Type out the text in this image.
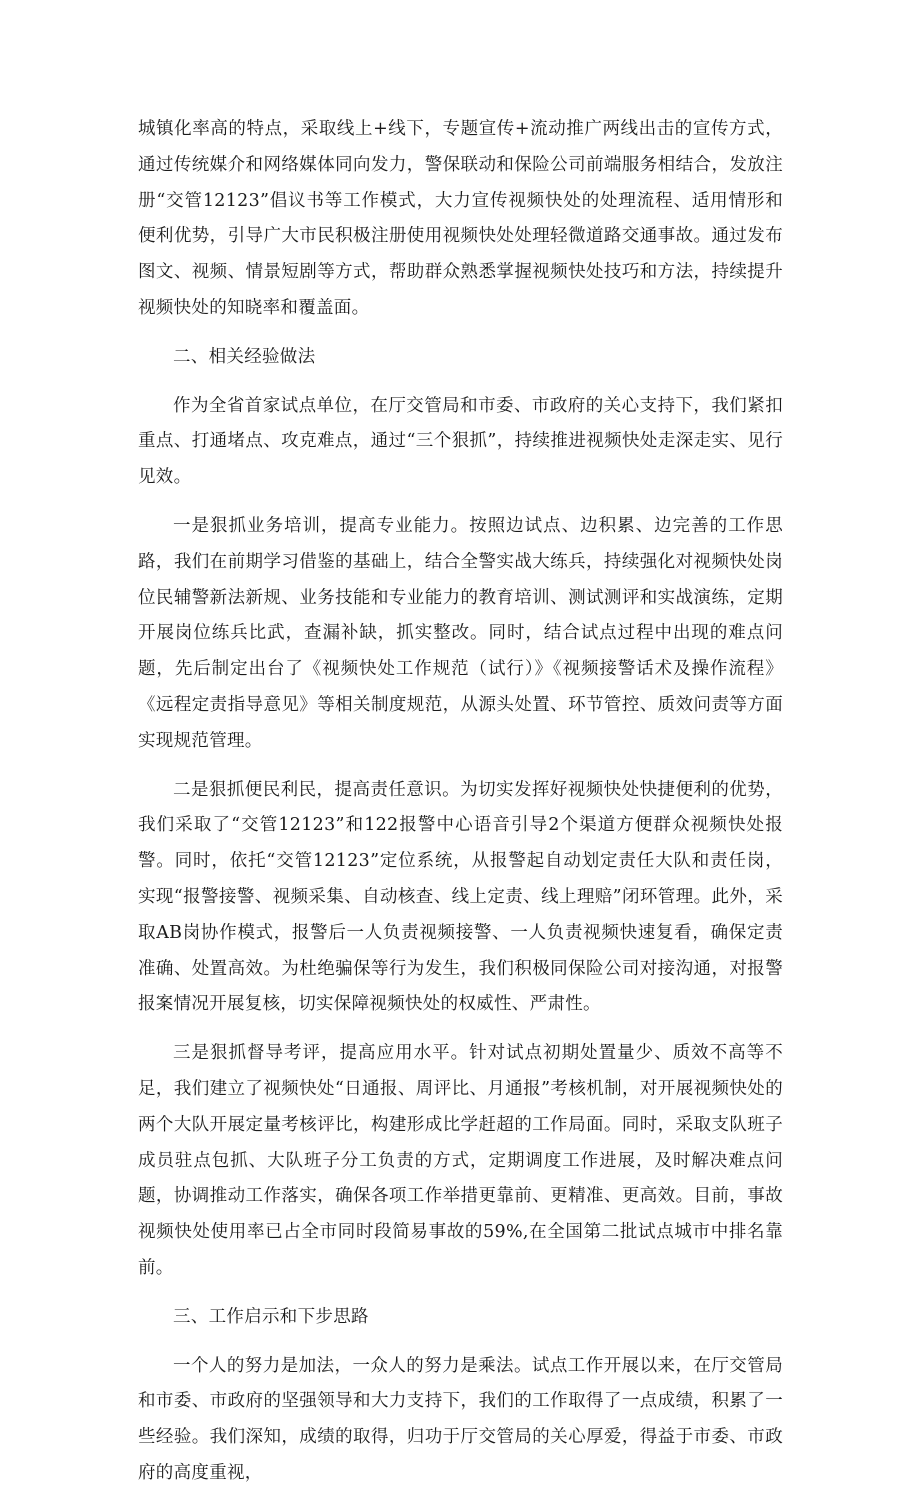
城镇化率高的特点，采取线上+线下，专题宣传+流动推广两线出击的宣传方式，通过传统媒介和网络媒体同向发力，警保联动和保险公司前端服务相结合，发放注册“交管12123”倡议书等工作模式，大力宣传视频快处的处理流程、适用情形和便利优势，引导广大市民积极注册使用视频快处处理轻微道路交通事故。通过发布图文、视频、情景短剧等方式，帮助群众熟悉掌握视频快处技巧和方法，持续提升视频快处的知晓率和覆盖面。

二、相关经验做法

作为全省首家试点单位，在厅交管局和市委、市政府的关心支持下，我们紧扣重点、打通堵点、攻克难点，通过“三个狠抓”，持续推进视频快处走深走实、见行见效。

一是狠抓业务培训，提高专业能力。按照边试点、边积累、边完善的工作思路，我们在前期学习借鉴的基础上，结合全警实战大练兵，持续强化对视频快处岗位民辅警新法新规、业务技能和专业能力的教育培训、测试测评和实战演练，定期开展岗位练兵比武，查漏补缺，抓实整改。同时，结合试点过程中出现的难点问题，先后制定出台了《视频快处工作规范（试行）》《视频接警话术及操作流程》《远程定责指导意见》等相关制度规范，从源头处置、环节管控、质效问责等方面实现规范管理。

二是狠抓便民利民，提高责任意识。为切实发挥好视频快处快捷便利的优势，我们采取了“交管12123”和122报警中心语音引导2个渠道方便群众视频快处报警。同时，依托“交管12123”定位系统，从报警起自动划定责任大队和责任岗，实现“报警接警、视频采集、自动核查、线上定责、线上理赔”闭环管理。此外，采取AB岗协作模式，报警后一人负责视频接警、一人负责视频快速复看，确保定责准确、处置高效。为杜绝骗保等行为发生，我们积极同保险公司对接沟通，对报警报案情况开展复核，切实保障视频快处的权威性、严肃性。

三是狠抓督导考评，提高应用水平。针对试点初期处置量少、质效不高等不足，我们建立了视频快处“日通报、周评比、月通报”考核机制，对开展视频快处的两个大队开展定量考核评比，构建形成比学赶超的工作局面。同时，采取支队班子成员驻点包抓、大队班子分工负责的方式，定期调度工作进展，及时解决难点问题，协调推动工作落实，确保各项工作举措更靠前、更精准、更高效。目前，事故视频快处使用率已占全市同时段简易事故的59%,在全国第二批试点城市中排名靠前。

三、工作启示和下步思路

一个人的努力是加法，一众人的努力是乘法。试点工作开展以来，在厅交管局和市委、市政府的坚强领导和大力支持下，我们的工作取得了一点成绩，积累了一些经验。我们深知，成绩的取得，归功于厅交管局的关心厚爱，得益于市委、市政府的高度重视，
